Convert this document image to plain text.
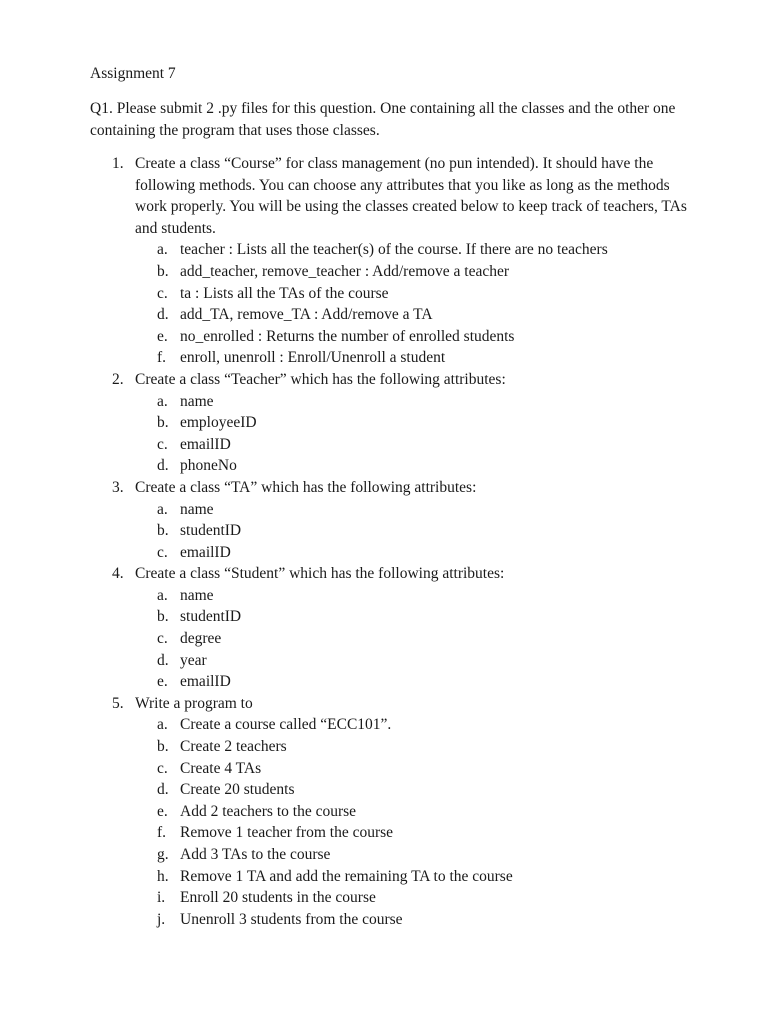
Assignment 7
Q1. Please submit 2 .py files for this question. One containing all the classes and the other one containing the program that uses those classes.
1. Create a class “Course” for class management (no pun intended). It should have the following methods. You can choose any attributes that you like as long as the methods work properly. You will be using the classes created below to keep track of teachers, TAs and students.
a. teacher : Lists all the teacher(s) of the course. If there are no teachers
b. add_teacher, remove_teacher : Add/remove a teacher
c. ta : Lists all the TAs of the course
d. add_TA, remove_TA : Add/remove a TA
e. no_enrolled : Returns the number of enrolled students
f. enroll, unenroll : Enroll/Unenroll a student
2. Create a class “Teacher” which has the following attributes:
a. name
b. employeeID
c. emailID
d. phoneNo
3. Create a class “TA” which has the following attributes:
a. name
b. studentID
c. emailID
4. Create a class “Student” which has the following attributes:
a. name
b. studentID
c. degree
d. year
e. emailID
5. Write a program to
a. Create a course called “ECC101”.
b. Create 2 teachers
c. Create 4 TAs
d. Create 20 students
e. Add 2 teachers to the course
f. Remove 1 teacher from the course
g. Add 3 TAs to the course
h. Remove 1 TA and add the remaining TA to the course
i. Enroll 20 students in the course
j. Unenroll 3 students from the course
